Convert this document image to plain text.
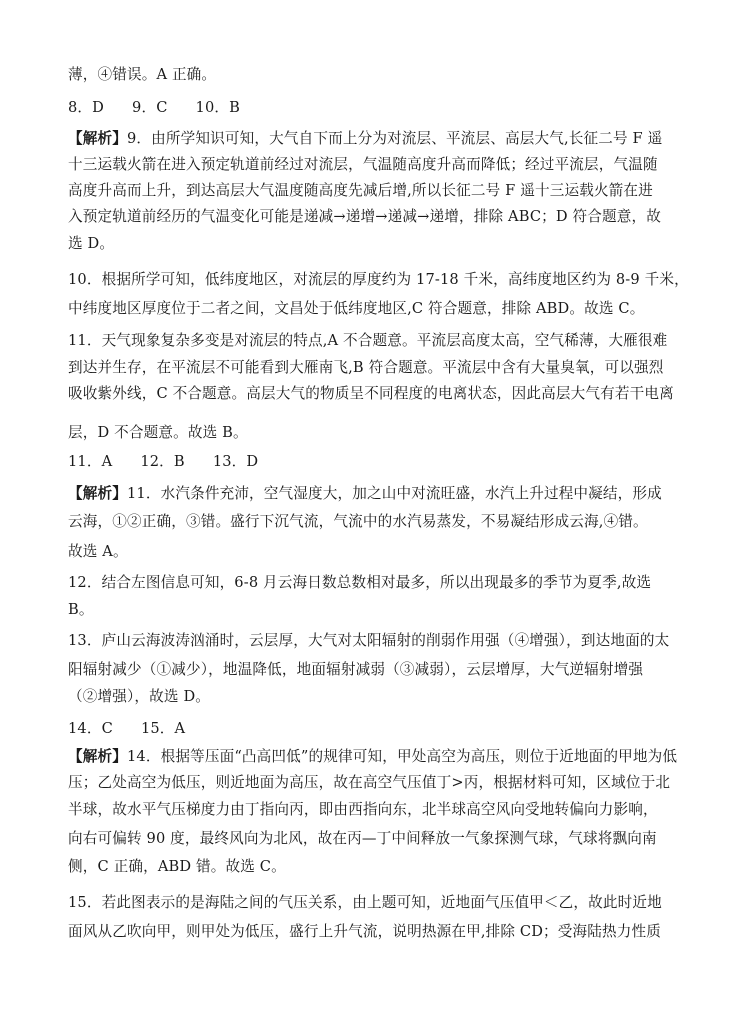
薄，④错误。A 正确。
8．D 9．C 10．B
【解析】9．由所学知识可知，大气自下而上分为对流层、平流层、高层大气,长征二号 F 遥
十三运载火箭在进入预定轨道前经过对流层，气温随高度升高而降低；经过平流层，气温随
高度升高而上升，到达高层大气温度随高度先减后增,所以长征二号 F 遥十三运载火箭在进
入预定轨道前经历的气温变化可能是递减→递增→递减→递增，排除 ABC；D 符合题意，故
选 D。
10．根据所学可知，低纬度地区，对流层的厚度约为 17-18 千米，高纬度地区约为 8-9 千米，
中纬度地区厚度位于二者之间，文昌处于低纬度地区,C 符合题意，排除 ABD。故选 C。
11．天气现象复杂多变是对流层的特点,A 不合题意。平流层高度太高，空气稀薄，大雁很难
到达并生存，在平流层不可能看到大雁南飞,B 符合题意。平流层中含有大量臭氧，可以强烈
吸收紫外线，C 不合题意。高层大气的物质呈不同程度的电离状态，因此高层大气有若干电离
层，D 不合题意。故选 B。
11．A 12．B 13．D
【解析】11．水汽条件充沛，空气湿度大，加之山中对流旺盛，水汽上升过程中凝结，形成
云海，①②正确，③错。盛行下沉气流，气流中的水汽易蒸发，不易凝结形成云海,④错。
故选 A。
12．结合左图信息可知，6-8 月云海日数总数相对最多，所以出现最多的季节为夏季,故选
B。
13．庐山云海波涛汹涌时，云层厚，大气对太阳辐射的削弱作用强（④增强），到达地面的太
阳辐射减少（①减少），地温降低，地面辐射减弱（③减弱），云层增厚，大气逆辐射增强
（②增强），故选 D。
14．C 15．A
【解析】14．根据等压面“凸高凹低”的规律可知，甲处高空为高压，则位于近地面的甲地为低
压；乙处高空为低压，则近地面为高压，故在高空气压值丁>丙，根据材料可知，区域位于北
半球，故水平气压梯度力由丁指向丙，即由西指向东，北半球高空风向受地转偏向力影响，
向右可偏转 90 度，最终风向为北风，故在丙—丁中间释放一气象探测气球，气球将飘向南
侧，C 正确，ABD 错。故选 C。
15．若此图表示的是海陆之间的气压关系，由上题可知，近地面气压值甲＜乙，故此时近地
面风从乙吹向甲，则甲处为低压，盛行上升气流，说明热源在甲,排除 CD；受海陆热力性质
